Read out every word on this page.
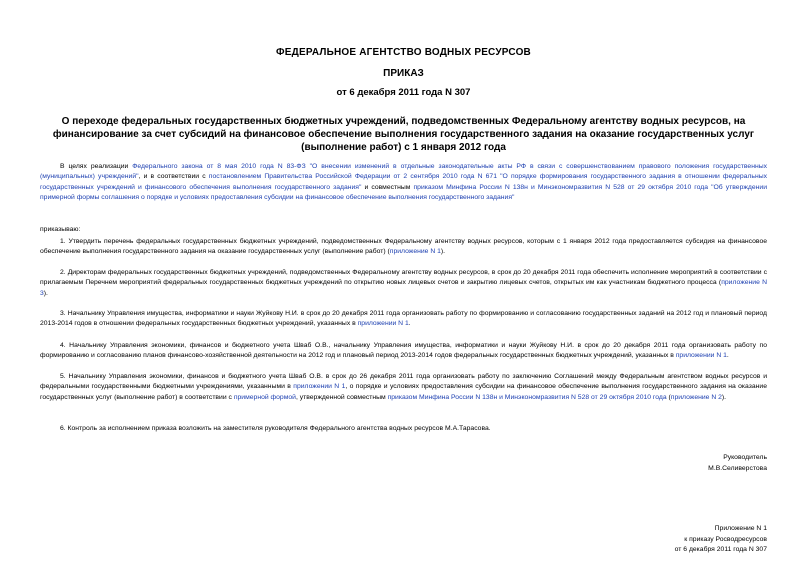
ФЕДЕРАЛЬНОЕ АГЕНТСТВО ВОДНЫХ РЕСУРСОВ
ПРИКАЗ
от 6 декабря 2011 года N 307
О переходе федеральных государственных бюджетных учреждений, подведомственных Федеральному агентству водных ресурсов, на финансирование за счет субсидий на финансовое обеспечение выполнения государственного задания на оказание государственных услуг (выполнение работ) с 1 января 2012 года
В целях реализации Федерального закона от 8 мая 2010 года N 83-ФЗ "О внесении изменений в отдельные законодательные акты РФ в связи с совершенствованием правового положения государственных (муниципальных) учреждений", и в соответствии с постановлением Правительства Российской Федерации от 2 сентября 2010 года N 671 "О порядке формирования государственного задания в отношении федеральных государственных учреждений и финансового обеспечения выполнения государственного задания" и совместным приказом Минфина России N 138н и Минэкономразвития N 528 от 29 октября 2010 года "Об утверждении примерной формы соглашения о порядке и условиях предоставления субсидии на финансовое обеспечение выполнения государственного задания"
приказываю:
1. Утвердить перечень федеральных государственных бюджетных учреждений, подведомственных Федеральному агентству водных ресурсов, которым с 1 января 2012 года предоставляется субсидия на финансовое обеспечение выполнения государственного задания на оказание государственных услуг (выполнение работ) (приложение N 1).
2. Директорам федеральных государственных бюджетных учреждений, подведомственных Федеральному агентству водных ресурсов, в срок до 20 декабря 2011 года обеспечить исполнение мероприятий в соответствии с прилагаемым Перечнем мероприятий федеральных государственных бюджетных учреждений по открытию новых лицевых счетов и закрытию лицевых счетов, открытых им как участникам бюджетного процесса (приложение N 3).
3. Начальнику Управления имущества, информатики и науки Жуйкову Н.И. в срок до 20 декабря 2011 года организовать работу по формированию и согласованию государственных заданий на 2012 год и плановый период 2013-2014 годов в отношении федеральных государственных бюджетных учреждений, указанных в приложении N 1.
4. Начальнику Управления экономики, финансов и бюджетного учета Шваб О.В., начальнику Управления имущества, информатики и науки Жуйкову Н.И. в срок до 20 декабря 2011 года организовать работу по формированию и согласованию планов финансово-хозяйственной деятельности на 2012 год и плановый период 2013-2014 годов федеральных государственных бюджетных учреждений, указанных в приложении N 1.
5. Начальнику Управления экономики, финансов и бюджетного учета Шваб О.В. в срок до 26 декабря 2011 года организовать работу по заключению Соглашений между Федеральным агентством водных ресурсов и федеральными государственными бюджетными учреждениями, указанными в приложении N 1, о порядке и условиях предоставления субсидии на финансовое обеспечение выполнения государственного задания на оказание государственных услуг (выполнение работ) в соответствии с примерной формой, утвержденной совместным приказом Минфина России N 138н и Минэкономразвития N 528 от 29 октября 2010 года (приложение N 2).
6. Контроль за исполнением приказа возложить на заместителя руководителя Федерального агентства водных ресурсов М.А.Тарасова.
Руководитель
М.В.Селиверстова
Приложение N 1
к приказу Росводресурсов
от 6 декабря 2011 года N 307
